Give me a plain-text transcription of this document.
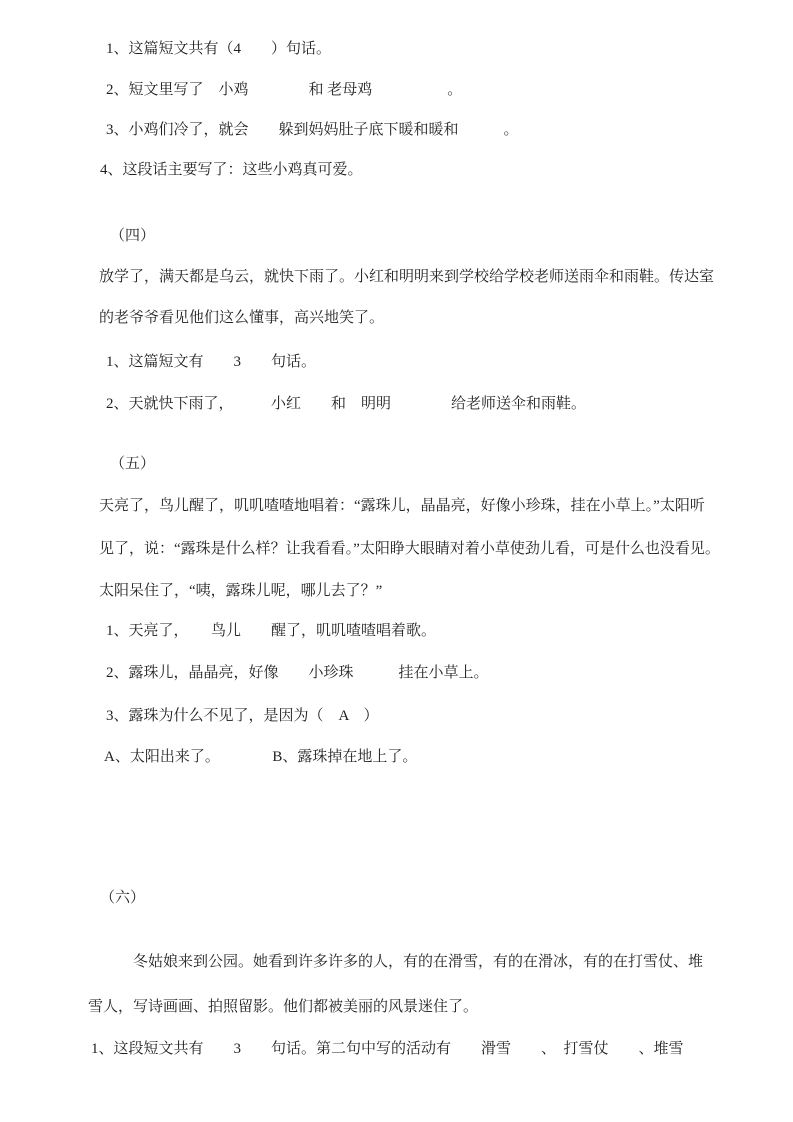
1、这篇短文共有（4　　）句话。
2、短文里写了　小鸡　　　　和 老母鸡　　　　　。
3、小鸡们冷了，就会　　躲到妈妈肚子底下暖和暖和　　　。
4、这段话主要写了：这些小鸡真可爱。
（四）
放学了，满天都是乌云，就快下雨了。小红和明明来到学校给学校老师送雨伞和雨鞋。传达室
的老爷爷看见他们这么懂事，高兴地笑了。
1、这篇短文有　　3　　句话。
2、天就快下雨了，　　　小红　　和　明明　　　　给老师送伞和雨鞋。
（五）
天亮了，鸟儿醒了，叽叽喳喳地唱着：“露珠儿，晶晶亮，好像小珍珠，挂在小草上。”太阳听
见了，说：“露珠是什么样？让我看看。”太阳睁大眼睛对着小草使劲儿看，可是什么也没看见。
太阳呆住了，“咦，露珠儿呢，哪儿去了？”
1、天亮了，　　鸟儿　　醒了，叽叽喳喳唱着歌。
2、露珠儿，晶晶亮，好像　　小珍珠　　　挂在小草上。
3、露珠为什么不见了，是因为（　A　）
A、太阳出来了。　　　　B、露珠掉在地上了。
（六）
　　　冬姑娘来到公园。她看到许多许多的人，有的在滑雪，有的在滑冰，有的在打雪仗、堆
雪人，写诗画画、拍照留影。他们都被美丽的风景迷住了。
1、这段短文共有　　3　　句话。第二句中写的活动有　　滑雪　　、　打雪仗　　、堆雪
